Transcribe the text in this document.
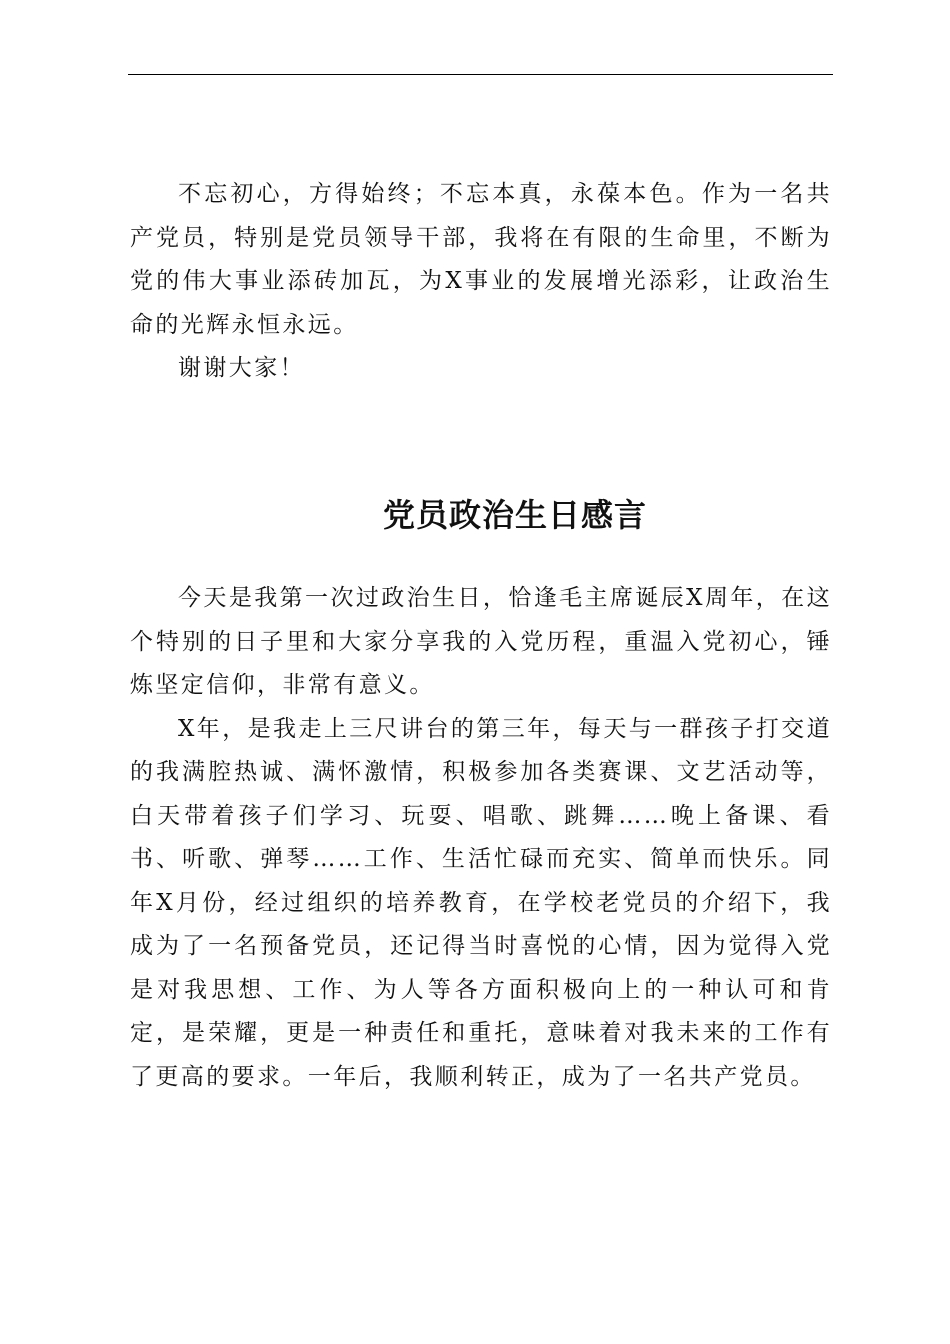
不忘初心，方得始终；不忘本真，永葆本色。作为一名共产党员，特别是党员领导干部，我将在有限的生命里，不断为党的伟大事业添砖加瓦，为X事业的发展增光添彩，让政治生命的光辉永恒永远。

谢谢大家！

党员政治生日感言

今天是我第一次过政治生日，恰逢毛主席诞辰X周年，在这个特别的日子里和大家分享我的入党历程，重温入党初心，锤炼坚定信仰，非常有意义。

X年，是我走上三尺讲台的第三年，每天与一群孩子打交道的我满腔热诚、满怀激情，积极参加各类赛课、文艺活动等，白天带着孩子们学习、玩耍、唱歌、跳舞……晚上备课、看书、听歌、弹琴……工作、生活忙碌而充实、简单而快乐。同年X月份，经过组织的培养教育，在学校老党员的介绍下，我成为了一名预备党员，还记得当时喜悦的心情，因为觉得入党是对我思想、工作、为人等各方面积极向上的一种认可和肯定，是荣耀，更是一种责任和重托，意味着对我未来的工作有了更高的要求。一年后，我顺利转正，成为了一名共产党员。
